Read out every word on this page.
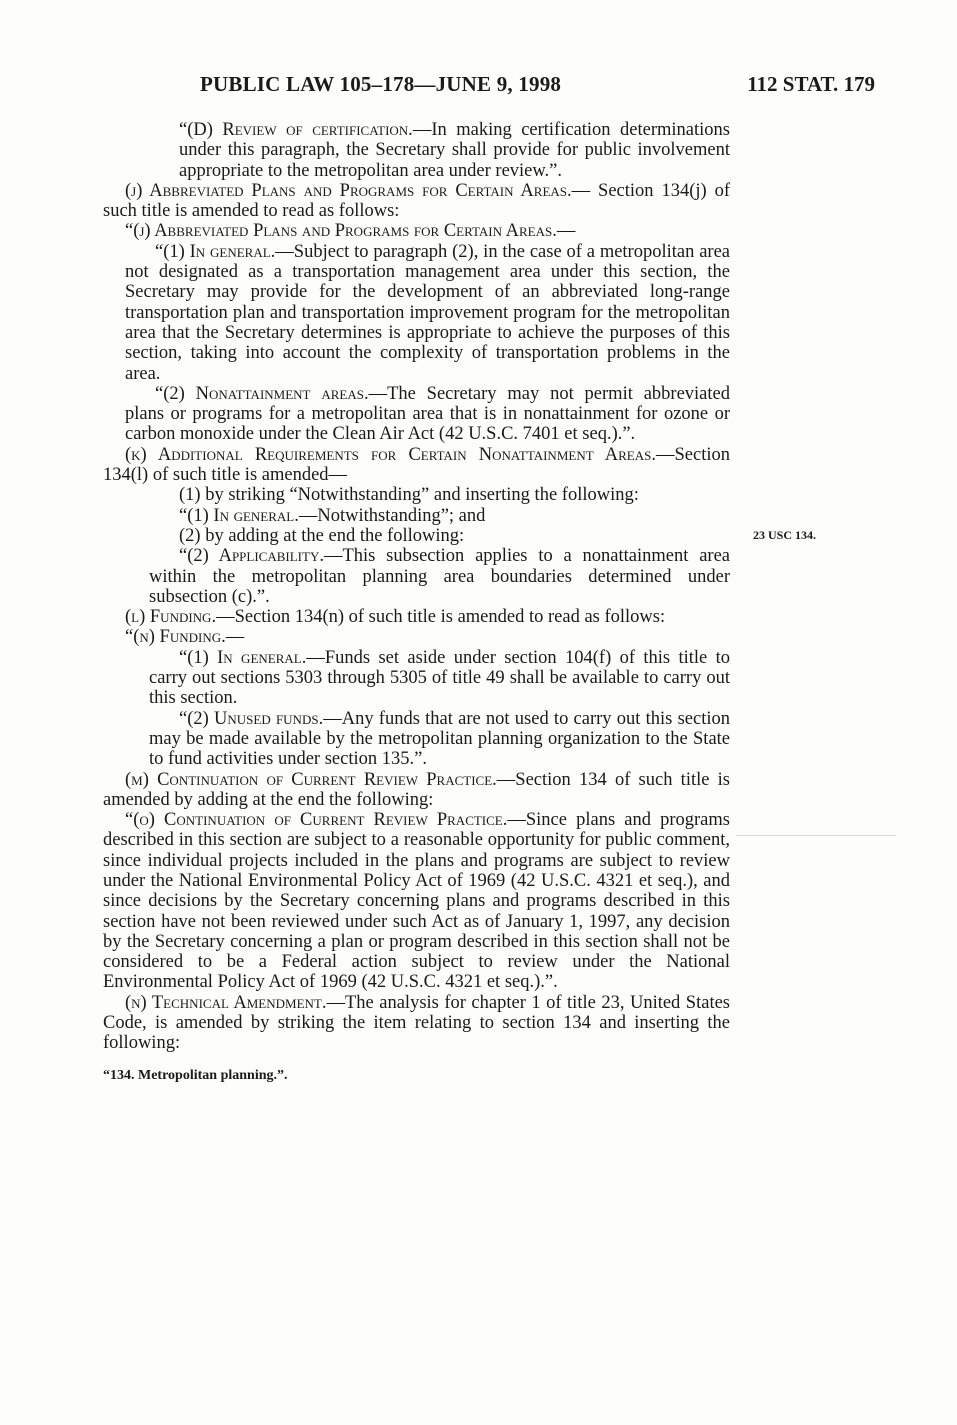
PUBLIC LAW 105–178—JUNE 9, 1998	112 STAT. 179
23 USC 134.

“(D) Review of certification.—In making certification determinations under this paragraph, the Secretary shall provide for public involvement appropriate to the metropolitan area under review.”.

(j) Abbreviated Plans and Programs for Certain Areas.— Section 134(j) of such title is amended to read as follows:

“(j) Abbreviated Plans and Programs for Certain Areas.—

“(1) In general.—Subject to paragraph (2), in the case of a metropolitan area not designated as a transportation management area under this section, the Secretary may provide for the development of an abbreviated long-range transportation plan and transportation improvement program for the metropolitan area that the Secretary determines is appropriate to achieve the purposes of this section, taking into account the complexity of transportation problems in the area.

“(2) Nonattainment areas.—The Secretary may not permit abbreviated plans or programs for a metropolitan area that is in nonattainment for ozone or carbon monoxide under the Clean Air Act (42 U.S.C. 7401 et seq.).”.

(k) Additional Requirements for Certain Nonattainment Areas.—Section 134(l) of such title is amended—

(1) by striking “Notwithstanding” and inserting the following:

“(1) In general.—Notwithstanding”; and

(2) by adding at the end the following:

“(2) Applicability.—This subsection applies to a nonattainment area within the metropolitan planning area boundaries determined under subsection (c).”.

(l) Funding.—Section 134(n) of such title is amended to read as follows:

“(n) Funding.—

“(1) In general.—Funds set aside under section 104(f) of this title to carry out sections 5303 through 5305 of title 49 shall be available to carry out this section.

“(2) Unused funds.—Any funds that are not used to carry out this section may be made available by the metropolitan planning organization to the State to fund activities under section 135.”.

(m) Continuation of Current Review Practice.—Section 134 of such title is amended by adding at the end the following:

“(o) Continuation of Current Review Practice.—Since plans and programs described in this section are subject to a reasonable opportunity for public comment, since individual projects included in the plans and programs are subject to review under the National Environmental Policy Act of 1969 (42 U.S.C. 4321 et seq.), and since decisions by the Secretary concerning plans and programs described in this section have not been reviewed under such Act as of January 1, 1997, any decision by the Secretary concerning a plan or program described in this section shall not be considered to be a Federal action subject to review under the National Environmental Policy Act of 1969 (42 U.S.C. 4321 et seq.).”.

(n) Technical Amendment.—The analysis for chapter 1 of title 23, United States Code, is amended by striking the item relating to section 134 and inserting the following:

“134. Metropolitan planning.”.
